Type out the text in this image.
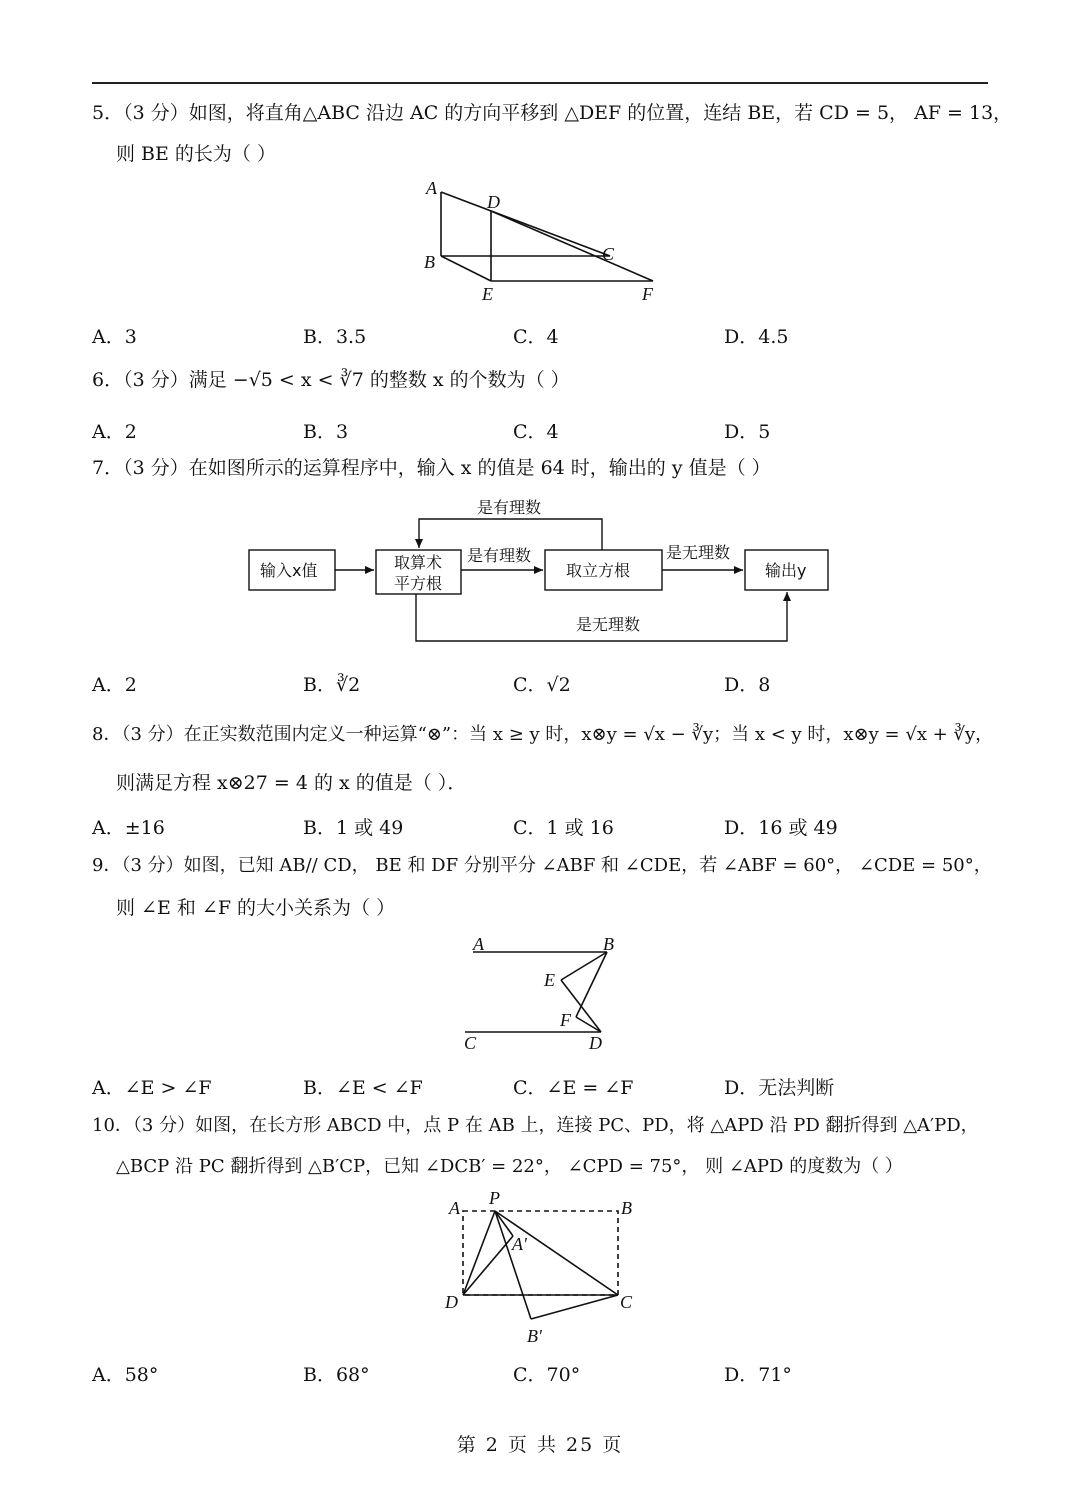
5．（3 分）如图，将直角△ABC 沿边 AC 的方向平移到 △DEF 的位置，连结 BE，若 CD = 5， AF = 13，
则 BE 的长为（ ）
A
D
B	C
E	F
A．3	B．3.5	C．4	D．4.5
6．（3 分）满足 −√5 < x < ∛7 的整数 x 的个数为（ ）
A．2	B．3	C．4	D．5
7．（3 分）在如图所示的运算程序中，输入 x 的值是 64 时，输出的 y 值是（ ）
输入x值	取算术
平方根
取立方根	输出y
是有理数
是有理数	是无理数
是无理数
A．2	B．∛2	C．√2	D．8
8．（3 分）在正实数范围内定义一种运算“⊗”：当 x ≥ y 时，x⊗y = √x − ∛y；当 x < y 时，x⊗y = √x + ∛y，
则满足方程 x⊗27 = 4 的 x 的值是（ ）．
A．±16	B．1 或 49	C．1 或 16	D．16 或 49
9．（3 分）如图，已知 AB// CD， BE 和 DF 分别平分 ∠ABF 和 ∠CDE，若 ∠ABF = 60°， ∠CDE = 50°，
则 ∠E 和 ∠F 的大小关系为（ ）
A	B
E
F
C	D
A．∠E > ∠F	B．∠E < ∠F	C．∠E = ∠F	D．无法判断
10．（3 分）如图，在长方形 ABCD 中，点 P 在 AB 上，连接 PC、PD，将 △APD 沿 PD 翻折得到 △A′PD，
△BCP 沿 PC 翻折得到 △B′CP，已知 ∠DCB′ = 22°， ∠CPD = 75°， 则 ∠APD 的度数为（ ）
A P	B
A′
D	C
B′
A．58°	B．68°	C．70°	D．71°
第 2 页 共 25 页
